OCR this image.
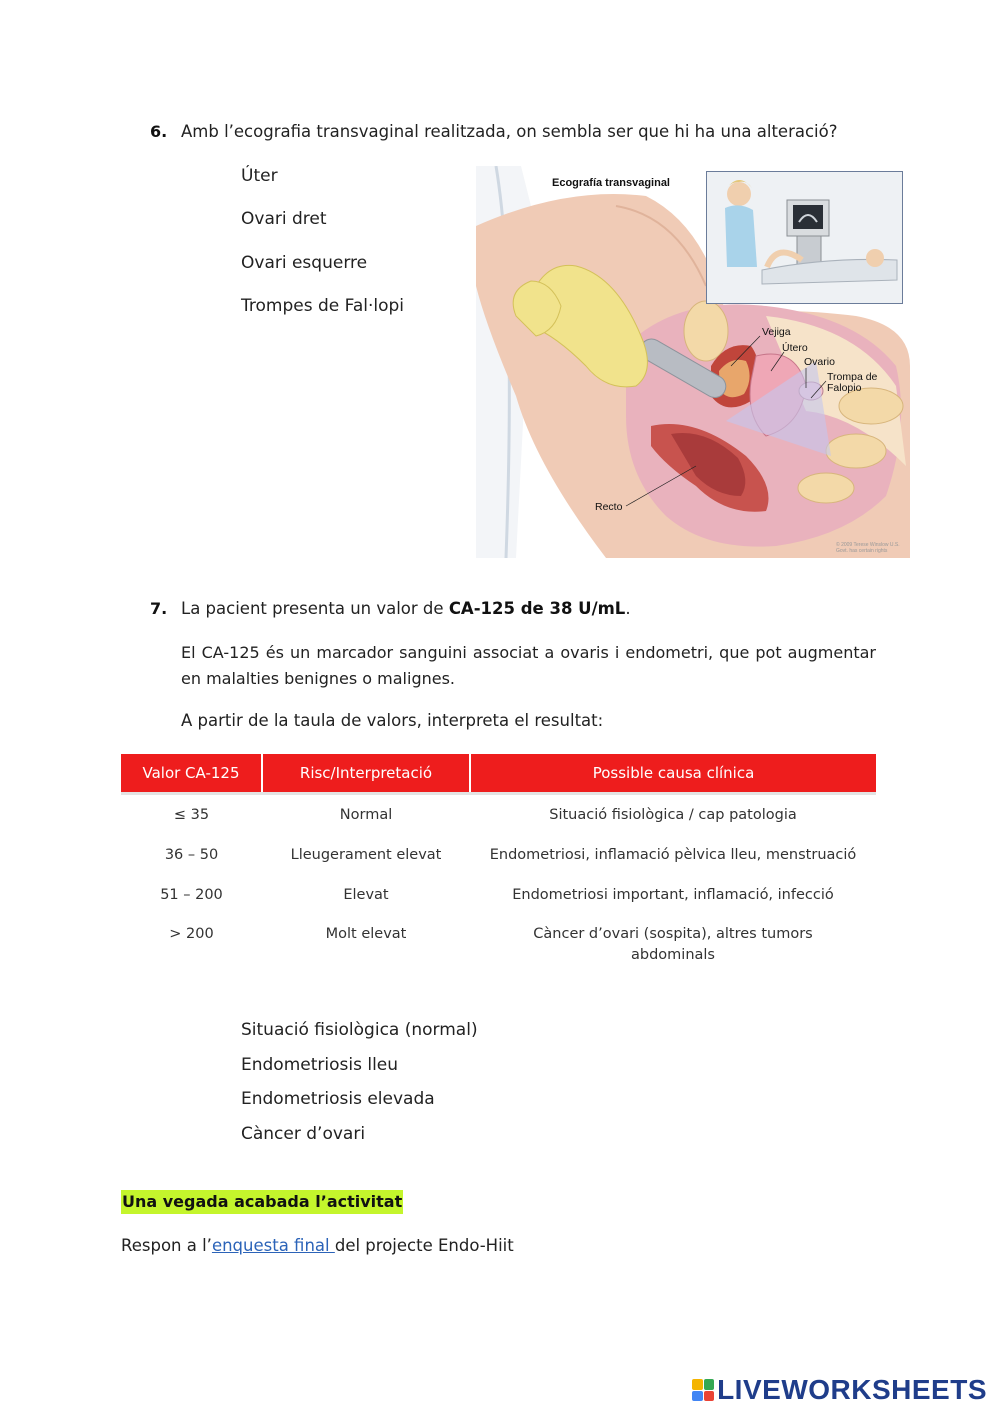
6. Amb l’ecografia transvaginal realitzada, on sembla ser que hi ha una alteració?
Úter
Ovari dret
Ovari esquerre
Trompes de Fal·lopi
Ecografía transvaginal
Vejiga
Útero
Ovario
Trompa de Falopio
Recto
© 2009 Terese Winslow U.S. Govt. has certain rights
7. La pacient presenta un valor de CA-125 de 38 U/mL.
El CA-125 és un marcador sanguini associat a ovaris i endometri, que pot augmentar en malalties benignes o malignes.
A partir de la taula de valors, interpreta el resultat:
Valor CA-125	Risc/Interpretació	Possible causa clínica
≤ 35	Normal	Situació fisiològica / cap patologia
36 – 50	Lleugerament elevat	Endometriosi, inflamació pèlvica lleu, menstruació
51 – 200	Elevat	Endometriosi important, inflamació, infecció
> 200	Molt elevat	Càncer d’ovari (sospita), altres tumors abdominals
Situació fisiològica (normal)
Endometriosis lleu
Endometriosis elevada
Càncer d’ovari
Una vegada acabada l’activitat
Respon a l’enquesta final del projecte Endo-Hiit
LIVEWORKSHEETS
